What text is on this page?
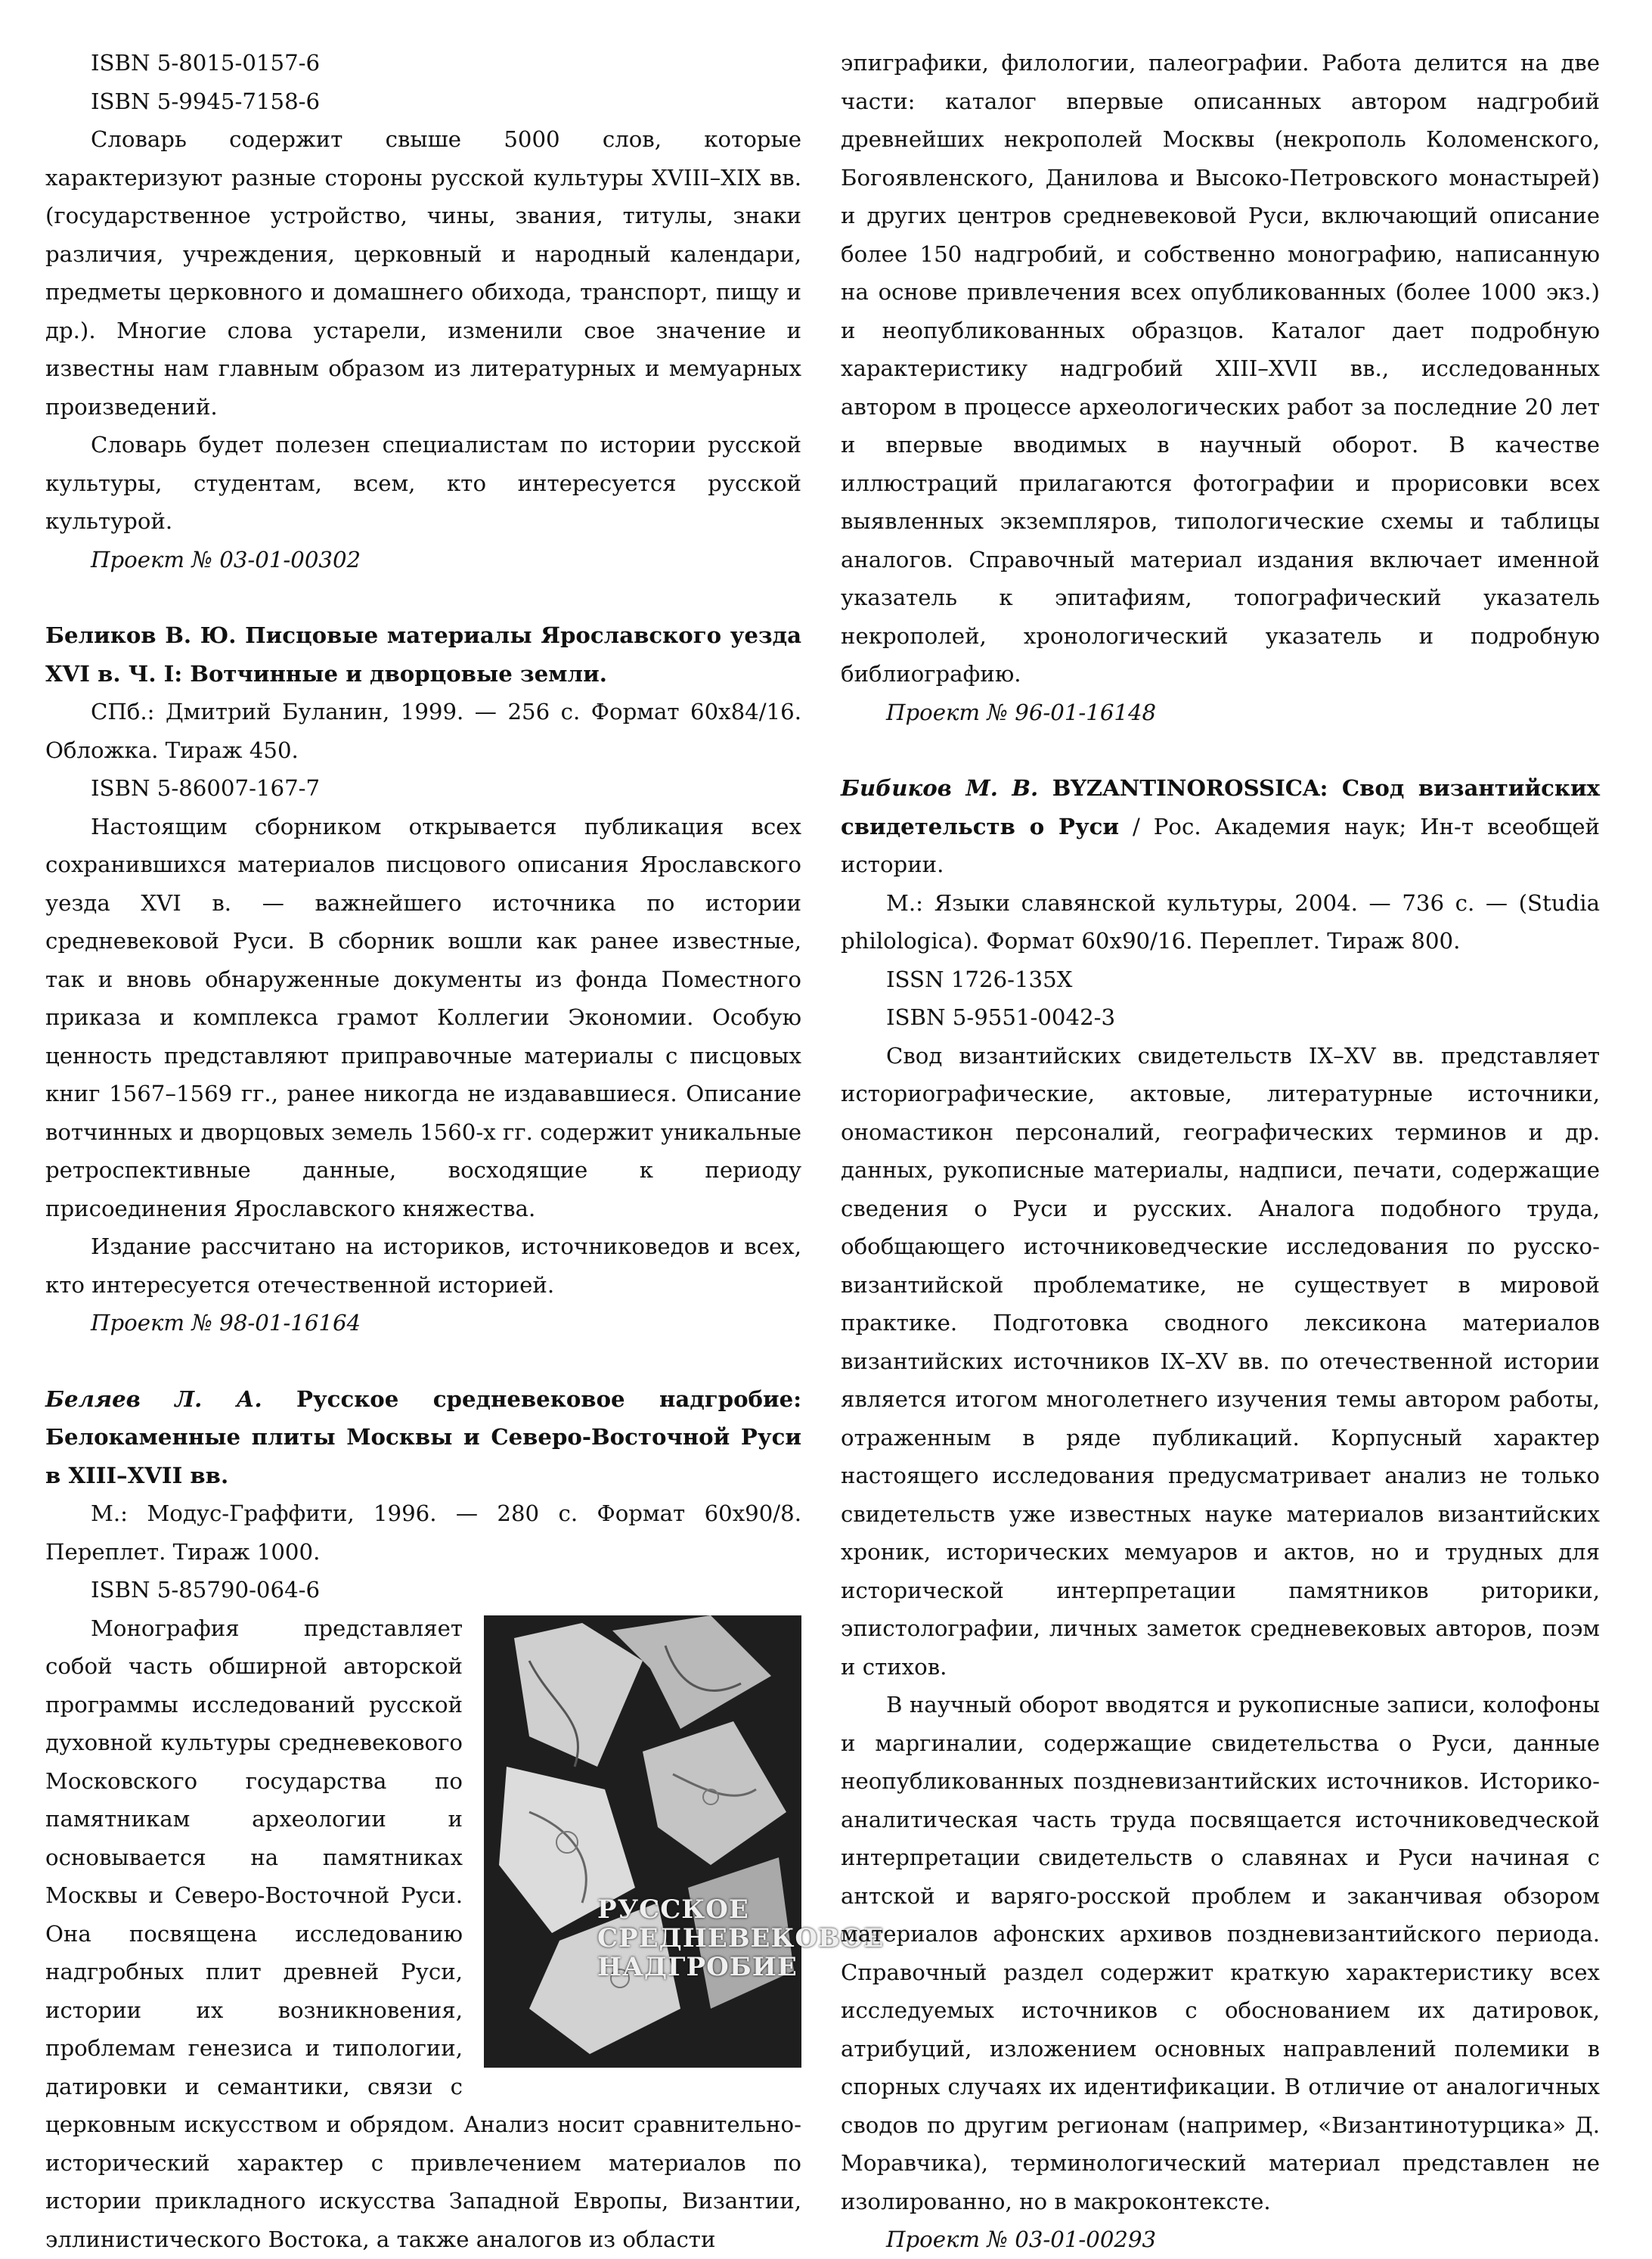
ISBN 5-8015-0157-6

ISBN 5-9945-7158-6

Словарь содержит свыше 5000 слов, которые характеризуют разные стороны русской культуры XVIII–XIX вв. (государственное устройство, чины, звания, титулы, знаки различия, учреждения, церковный и народный календари, предметы церковного и домашнего обихода, транспорт, пищу и др.). Многие слова устарели, изменили свое значение и известны нам главным образом из литературных и мемуарных произведений.

Словарь будет полезен специалистам по истории русской культуры, студентам, всем, кто интересуется русской культурой.

Проект № 03-01-00302

Беликов В. Ю. Писцовые материалы Ярославского уезда XVI в. Ч. I: Вотчинные и дворцовые земли.

СПб.: Дмитрий Буланин, 1999. — 256 с. Формат 60х84/16. Обложка. Тираж 450.

ISBN 5-86007-167-7

Настоящим сборником открывается публикация всех сохранившихся материалов писцового описания Ярославского уезда XVI в. — важнейшего источника по истории средневековой Руси. В сборник вошли как ранее известные, так и вновь обнаруженные документы из фонда Поместного приказа и комплекса грамот Коллегии Экономии. Особую ценность представляют приправочные материалы с писцовых книг 1567–1569 гг., ранее никогда не издававшиеся. Описание вотчинных и дворцовых земель 1560-х гг. содержит уникальные ретроспективные данные, восходящие к периоду присоединения Ярославского княжества.

Издание рассчитано на историков, источниковедов и всех, кто интересуется отечественной историей.

Проект № 98-01-16164

Беляев Л. А. Русское средневековое надгробие: Белокаменные плиты Москвы и Северо-Восточной Руси в XIII–XVII вв.

М.: Модус-Граффити, 1996. — 280 с. Формат 60х90/8. Переплет. Тираж 1000.

ISBN 5-85790-064-6

РУССКОЕ СРЕДНЕВЕКОВОЕ НАДГРОБИЕ

Монография представляет собой часть обширной авторской программы исследований русской духовной культуры средневекового Московского государства по памятникам археологии и основывается на памятниках Москвы и Северо-Восточной Руси. Она посвящена исследованию надгробных плит древней Руси, истории их возникновения, проблемам генезиса и типологии, датировки и семантики, связи с церковным искусством и обрядом. Анализ носит сравнительно-исторический характер с привлечением материалов по истории прикладного искусства Западной Европы, Византии, эллинистического Востока, а также аналогов из области

эпиграфики, филологии, палеографии. Работа делится на две части: каталог впервые описанных автором надгробий древнейших некрополей Москвы (некрополь Коломенского, Богоявленского, Данилова и Высоко-Петровского монастырей) и других центров средневековой Руси, включающий описание более 150 надгробий, и собственно монографию, написанную на основе привлечения всех опубликованных (более 1000 экз.) и неопубликованных образцов. Каталог дает подробную характеристику надгробий XIII–XVII вв., исследованных автором в процессе археологических работ за последние 20 лет и впервые вводимых в научный оборот. В качестве иллюстраций прилагаются фотографии и прорисовки всех выявленных экземпляров, типологические схемы и таблицы аналогов. Справочный материал издания включает именной указатель к эпитафиям, топографический указатель некрополей, хронологический указатель и подробную библиографию.

Проект № 96-01-16148

Бибиков М. В. BYZANTINOROSSICA: Свод византийских свидетельств о Руси / Рос. Академия наук; Ин-т всеобщей истории.

М.: Языки славянской культуры, 2004. — 736 с. — (Studia philologica). Формат 60х90/16. Переплет. Тираж 800.

ISSN 1726-135X

ISBN 5-9551-0042-3

Свод византийских свидетельств IX–XV вв. представляет историографические, актовые, литературные источники, ономастикон персоналий, географических терминов и др. данных, рукописные материалы, надписи, печати, содержащие сведения о Руси и русских. Аналога подобного труда, обобщающего источниковедческие исследования по русско-византийской проблематике, не существует в мировой практике. Подготовка сводного лексикона материалов византийских источников IX–XV вв. по отечественной истории является итогом многолетнего изучения темы автором работы, отраженным в ряде публикаций. Корпусный характер настоящего исследования предусматривает анализ не только свидетельств уже известных науке материалов византийских хроник, исторических мемуаров и актов, но и трудных для исторической интерпретации памятников риторики, эпистолографии, личных заметок средневековых авторов, поэм и стихов.

В научный оборот вводятся и рукописные записи, колофоны и маргиналии, содержащие свидетельства о Руси, данные неопубликованных поздневизантийских источников. Историко-аналитическая часть труда посвящается источниковедческой интерпретации свидетельств о славянах и Руси начиная с антской и варяго-росской проблем и заканчивая обзором материалов афонских архивов поздневизантийского периода. Справочный раздел содержит краткую характеристику всех исследуемых источников с обоснованием их датировок, атрибуций, изложением основных направлений полемики в спорных случаях их идентификации. В отличие от аналогичных сводов по другим регионам (например, «Византинотурцика» Д. Моравчика), терминологический материал представлен не изолированно, но в макроконтексте.

Проект № 03-01-00293
